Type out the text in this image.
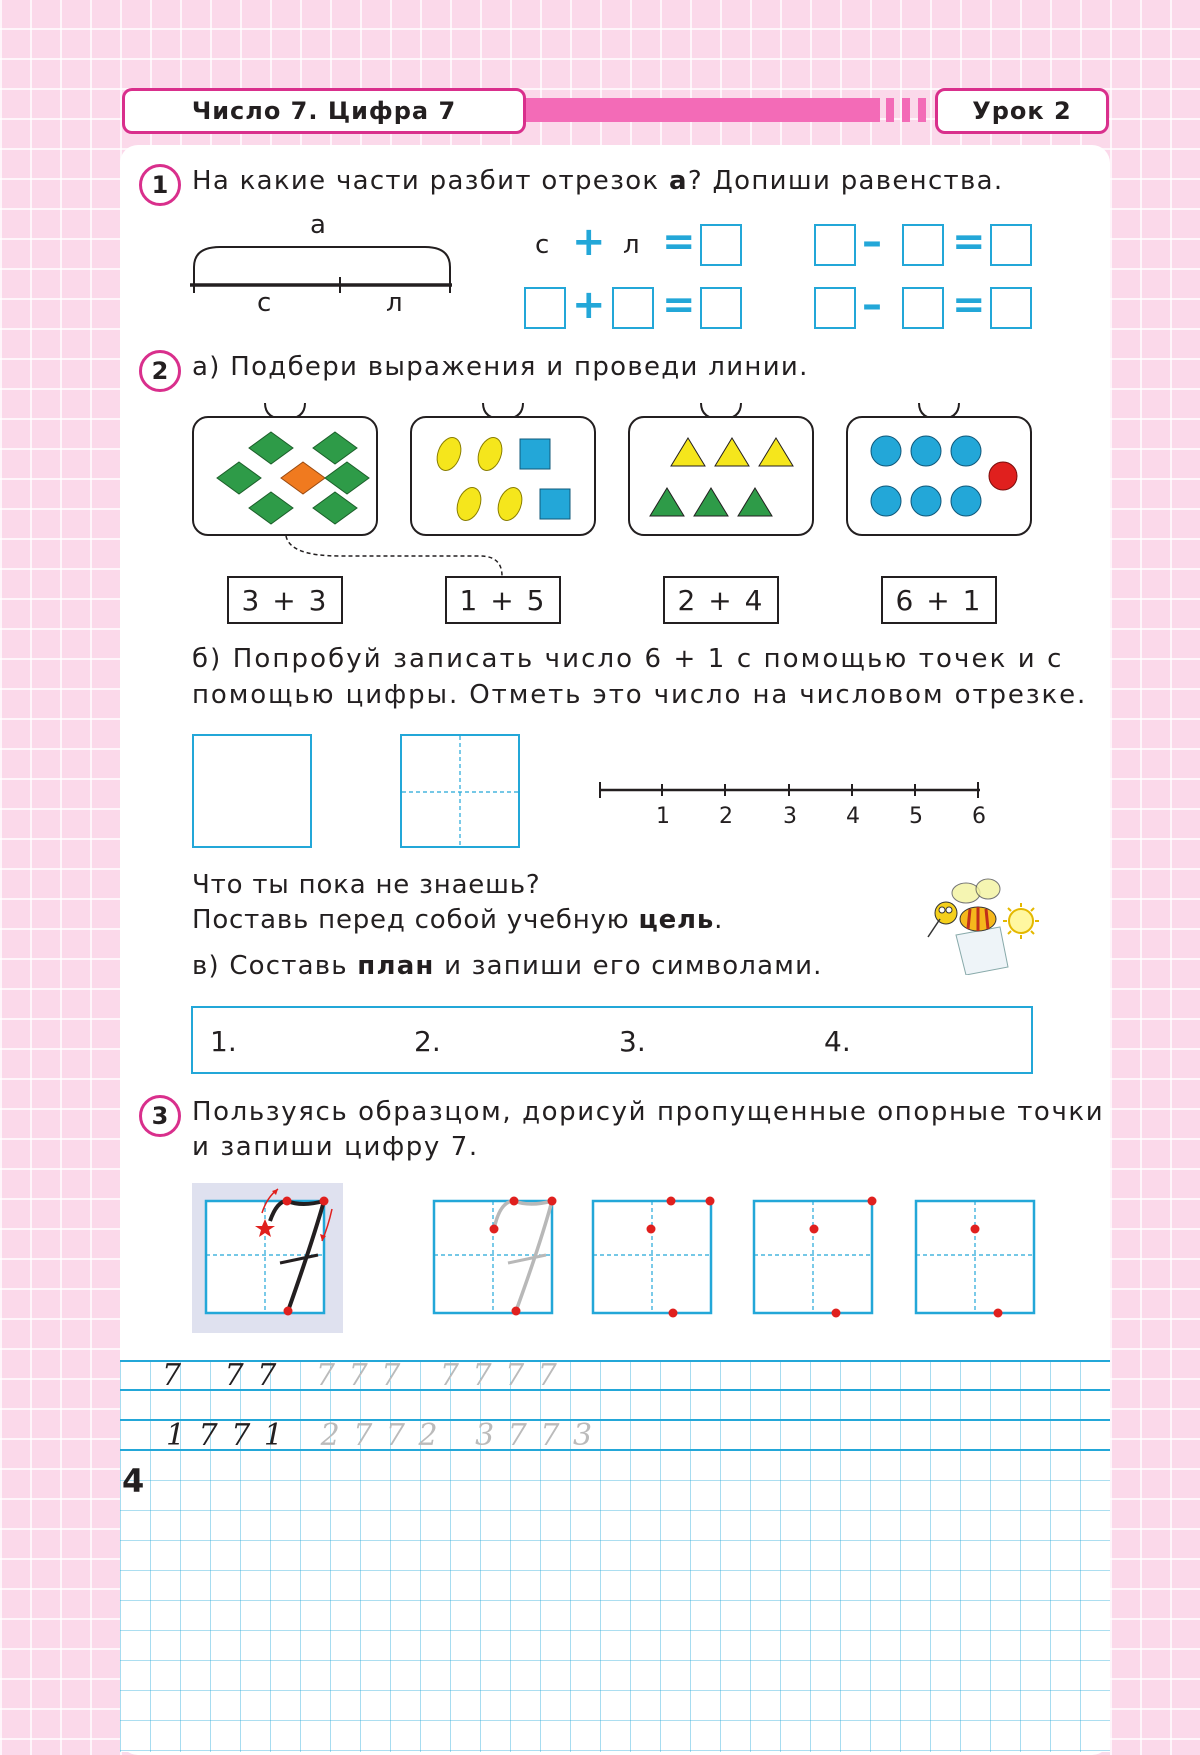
Число 7. Цифра 7	Урок 2
1 На какие части разбит отрезок а? Допиши равенства.
а
с	л
с + л =	– =
+ =	– =
2 а) Подбери выражения и проведи линии.
3 + 3	1 + 5	2 + 4	6 + 1
б) Попробуй записать число 6 + 1 с помощью точек и с
помощью цифры. Отметь это число на числовом отрезке.
1 2 3 4 5 6
Что ты пока не знаешь?
Поставь перед собой учебную цель.
в) Составь план и запиши его символами.
1.	2.	3.	4.
3 Пользуясь образцом, дорисуй пропущенные опорные точки
и запиши цифру 7.
7 7 7 7 7 7 7 7 7 7
1 7 7 1 2 7 7 2 3 7 7 3
4
